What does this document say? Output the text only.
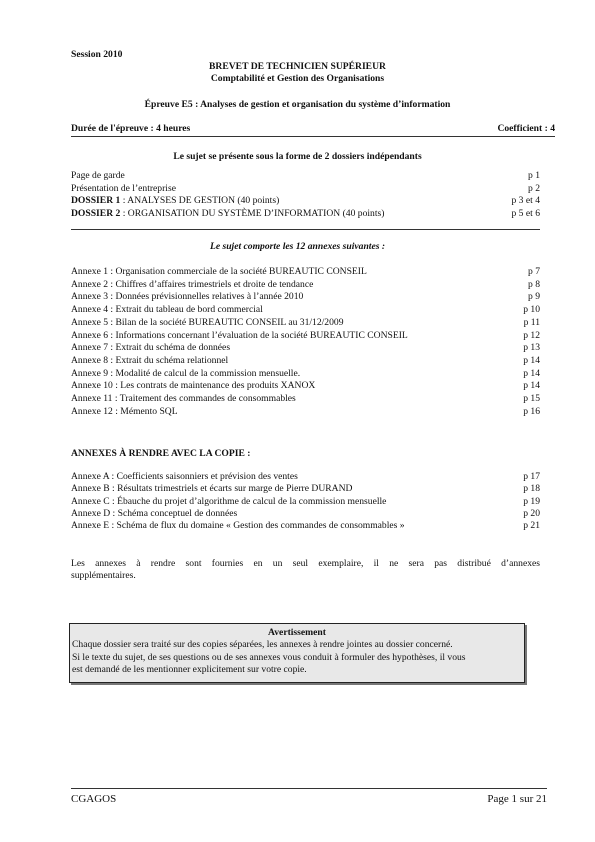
Session 2010
BREVET DE TECHNICIEN SUPÉRIEUR
Comptabilité et Gestion des Organisations
Épreuve E5 : Analyses de gestion et organisation du système d’information
Durée de l'épreuve : 4 heures	Coefficient : 4
Le sujet se présente sous la forme de 2 dossiers indépendants
Page de garde	p 1
Présentation de l’entreprise	p 2
DOSSIER 1 : ANALYSES DE GESTION (40 points)	p 3 et 4
DOSSIER 2 : ORGANISATION DU SYSTÈME D’INFORMATION (40 points)	p 5 et 6
Le sujet comporte les 12 annexes suivantes :
Annexe 1 : Organisation commerciale de la société BUREAUTIC CONSEIL	p 7
Annexe 2 : Chiffres d’affaires trimestriels et droite de tendance	p 8
Annexe 3 : Données prévisionnelles relatives à l’année 2010	p 9
Annexe 4 : Extrait du tableau de bord commercial	p 10
Annexe 5 : Bilan de la société BUREAUTIC CONSEIL au 31/12/2009	p 11
Annexe 6 : Informations concernant l’évaluation de la société BUREAUTIC CONSEIL	p 12
Annexe 7 : Extrait du schéma de données	p 13
Annexe 8 : Extrait du schéma relationnel	p 14
Annexe 9 : Modalité de calcul de la commission mensuelle.	p 14
Annexe 10 : Les contrats de maintenance des produits XANOX	p 14
Annexe 11 : Traitement des commandes de consommables	p 15
Annexe 12 : Mémento SQL	p 16
ANNEXES À RENDRE AVEC LA COPIE :
Annexe A : Coefficients saisonniers et prévision des ventes	p 17
Annexe B : Résultats trimestriels et écarts sur marge de Pierre DURAND	p 18
Annexe C : Ébauche du projet d’algorithme de calcul de la commission mensuelle	p 19
Annexe D : Schéma conceptuel de données	p 20
Annexe E : Schéma de flux du domaine « Gestion des commandes de consommables »	p 21
Les annexes à rendre sont fournies en un seul exemplaire, il ne sera pas distribué d’annexes
supplémentaires.
Avertissement
Chaque dossier sera traité sur des copies séparées, les annexes à rendre jointes au dossier concerné.
Si le texte du sujet, de ses questions ou de ses annexes vous conduit à formuler des hypothèses, il vous
est demandé de les mentionner explicitement sur votre copie.
CGAGOS	Page 1 sur 21
